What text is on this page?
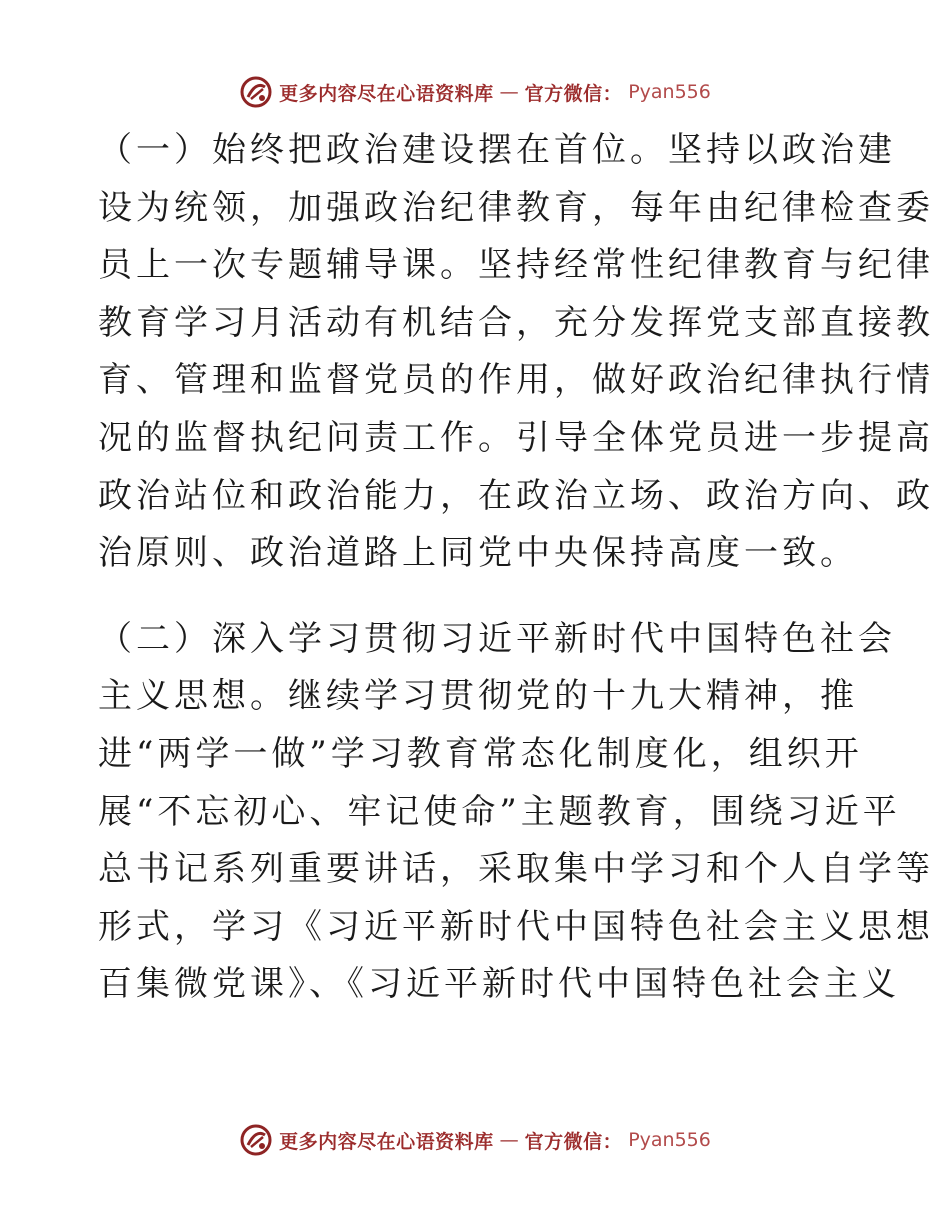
更多内容尽在心语资料库 — 官方微信： Pyan556

（一）始终把政治建设摆在首位。坚持以政治建
设为统领，加强政治纪律教育，每年由纪律检查委
员上一次专题辅导课。坚持经常性纪律教育与纪律
教育学习月活动有机结合，充分发挥党支部直接教
育、管理和监督党员的作用，做好政治纪律执行情
况的监督执纪问责工作。引导全体党员进一步提高
政治站位和政治能力，在政治立场、政治方向、政
治原则、政治道路上同党中央保持高度一致。

（二）深入学习贯彻习近平新时代中国特色社会
主义思想。继续学习贯彻党的十九大精神，推
进“两学一做”学习教育常态化制度化，组织开
展“不忘初心、牢记使命”主题教育，围绕习近平
总书记系列重要讲话，采取集中学习和个人自学等
形式，学习《习近平新时代中国特色社会主义思想
百集微党课》、《习近平新时代中国特色社会主义

更多内容尽在心语资料库 — 官方微信： Pyan556
